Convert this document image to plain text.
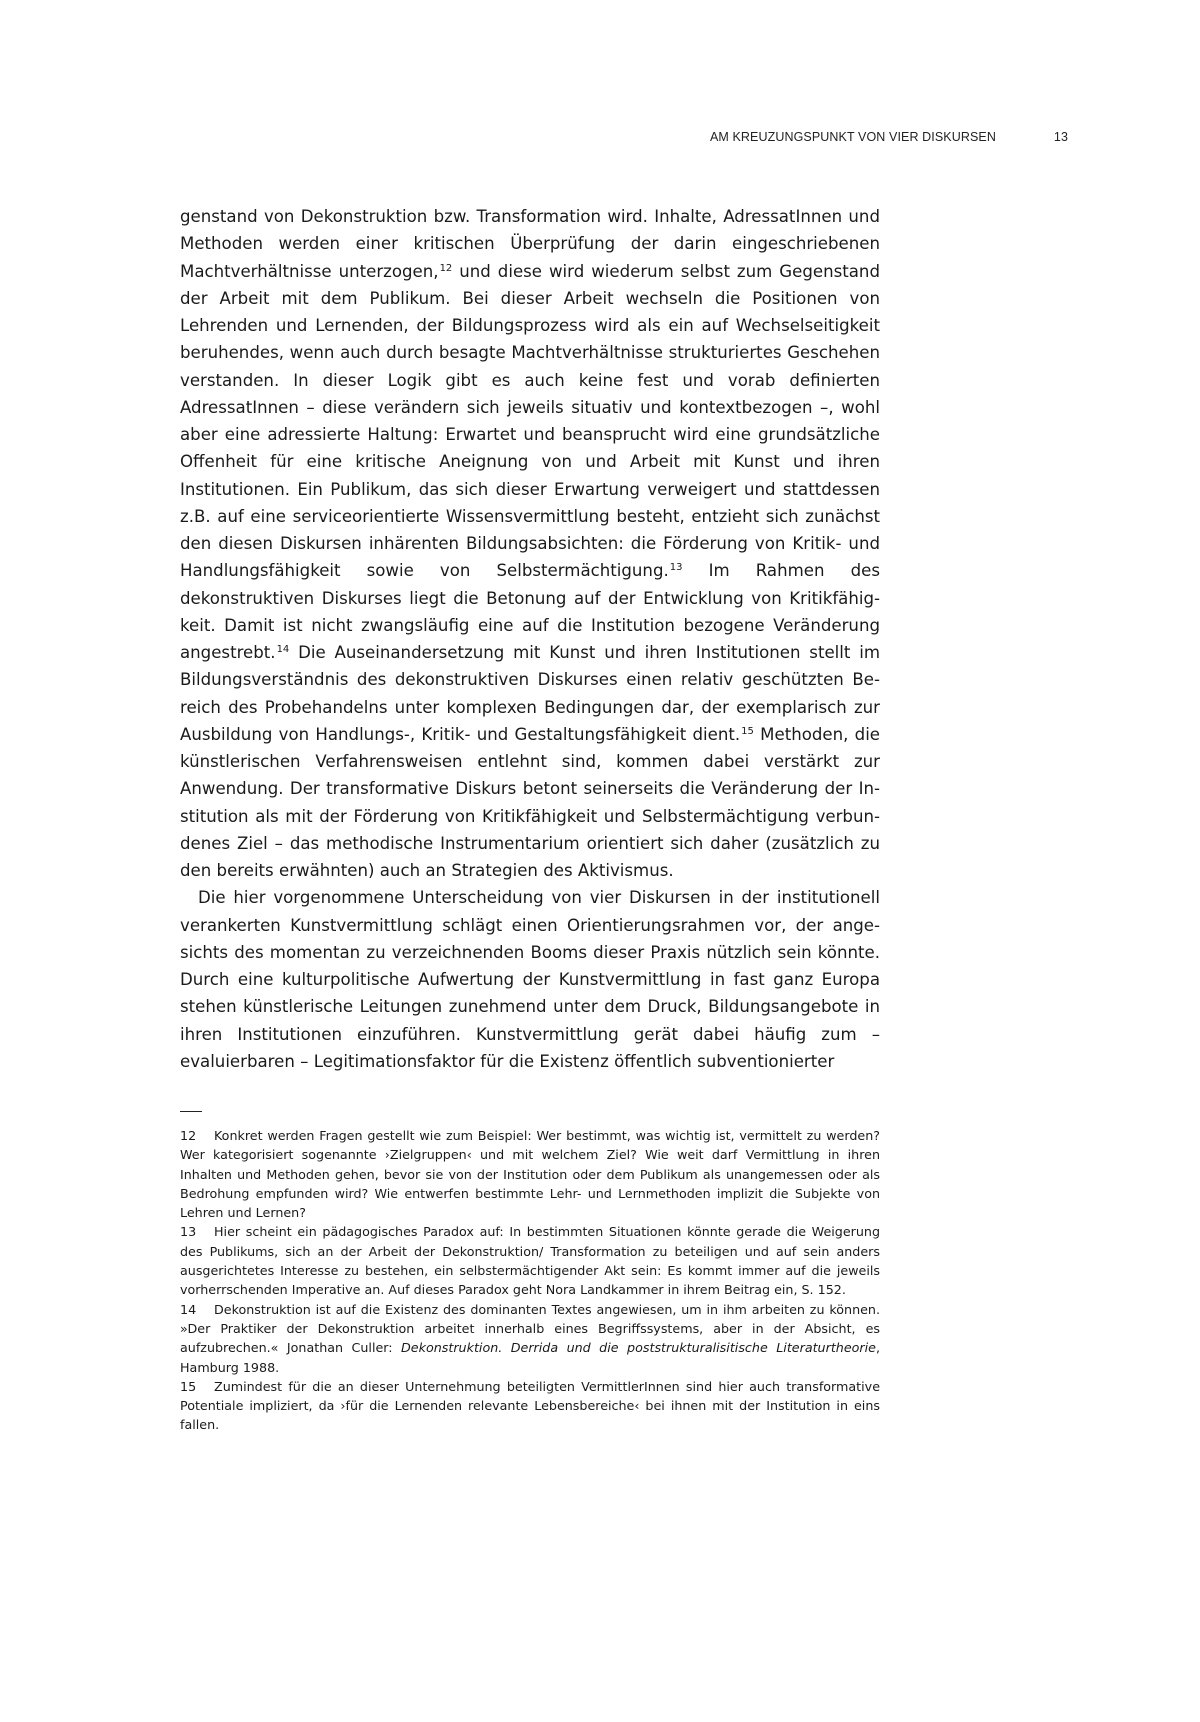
AM KREUZUNGSPUNKT VON VIER DISKURSEN	13

genstand von Dekonstruktion bzw. Transformation wird. Inhalte, AdressatInnen und Methoden werden einer kritischen Überprüfung der darin eingeschriebenen Machtverhältnisse unterzogen,$^{12}$ und diese wird wiederum selbst zum Gegenstand der Arbeit mit dem Publikum. Bei dieser Arbeit wechseln die Positionen von Lehrenden und Lernenden, der Bildungsprozess wird als ein auf Wechselseitigkeit beruhendes, wenn auch durch besagte Machtverhältnisse strukturiertes Geschehen verstanden. In dieser Logik gibt es auch keine fest und vorab definierten AdressatInnen – diese verändern sich jeweils situativ und kontextbezogen –, wohl aber eine adressierte Haltung: Erwartet und beansprucht wird eine grundsätzliche Offenheit für eine kritische Aneignung von und Arbeit mit Kunst und ihren Institutionen. Ein Publikum, das sich dieser Erwartung verweigert und stattdessen z.B. auf eine serviceorientierte Wissensvermittlung besteht, entzieht sich zunächst den diesen Diskursen inhärenten Bildungsabsichten: die Förderung von Kritik- und Handlungsfähigkeit sowie von Selbstermächtigung.$^{13}$ Im Rahmen des dekonstruktiven Diskurses liegt die Betonung auf der Entwicklung von Kritikfähigkeit. Damit ist nicht zwangsläufig eine auf die Institution bezogene Veränderung angestrebt.$^{14}$ Die Auseinandersetzung mit Kunst und ihren Institutionen stellt im Bildungsverständnis des dekonstruktiven Diskurses einen relativ geschützten Bereich des Probehandelns unter komplexen Bedingungen dar, der exemplarisch zur Ausbildung von Handlungs-, Kritik- und Gestaltungsfähigkeit dient.$^{15}$ Methoden, die künstlerischen Verfahrensweisen entlehnt sind, kommen dabei verstärkt zur Anwendung. Der transformative Diskurs betont seinerseits die Veränderung der Institution als mit der Förderung von Kritikfähigkeit und Selbstermächtigung verbundenes Ziel – das methodische Instrumentarium orientiert sich daher (zusätzlich zu den bereits erwähnten) auch an Strategien des Aktivismus.

Die hier vorgenommene Unterscheidung von vier Diskursen in der institutionell verankerten Kunstvermittlung schlägt einen Orientierungsrahmen vor, der angesichts des momentan zu verzeichnenden Booms dieser Praxis nützlich sein könnte. Durch eine kulturpolitische Aufwertung der Kunstvermittlung in fast ganz Europa stehen künstlerische Leitungen zunehmend unter dem Druck, Bildungsangebote in ihren Institutionen einzuführen. Kunstvermittlung gerät dabei häufig zum – evaluierbaren – Legitimationsfaktor für die Existenz öffentlich subventionierter

12 Konkret werden Fragen gestellt wie zum Beispiel: Wer bestimmt, was wichtig ist, vermittelt zu werden? Wer kategorisiert sogenannte ›Zielgruppen‹ und mit welchem Ziel? Wie weit darf Vermittlung in ihren Inhalten und Methoden gehen, bevor sie von der Institution oder dem Publikum als unangemessen oder als Bedrohung empfunden wird? Wie entwerfen bestimmte Lehr- und Lernmethoden implizit die Subjekte von Lehren und Lernen?

13 Hier scheint ein pädagogisches Paradox auf: In bestimmten Situationen könnte gerade die Weigerung des Publikums, sich an der Arbeit der Dekonstruktion/ Transformation zu beteiligen und auf sein anders ausgerichtetes Interesse zu bestehen, ein selbstermächtigender Akt sein: Es kommt immer auf die jeweils vorherrschenden Imperative an. Auf dieses Paradox geht Nora Landkammer in ihrem Beitrag ein, S. 152.

14 Dekonstruktion ist auf die Existenz des dominanten Textes angewiesen, um in ihm arbeiten zu können. »Der Praktiker der Dekonstruktion arbeitet innerhalb eines Begriffssystems, aber in der Absicht, es aufzubrechen.« Jonathan Culler: Dekonstruktion. Derrida und die poststrukturalisitische Literaturtheorie, Hamburg 1988.

15 Zumindest für die an dieser Unternehmung beteiligten VermittlerInnen sind hier auch transformative Potentiale impliziert, da ›für die Lernenden relevante Lebensbereiche‹ bei ihnen mit der Institution in eins fallen.
